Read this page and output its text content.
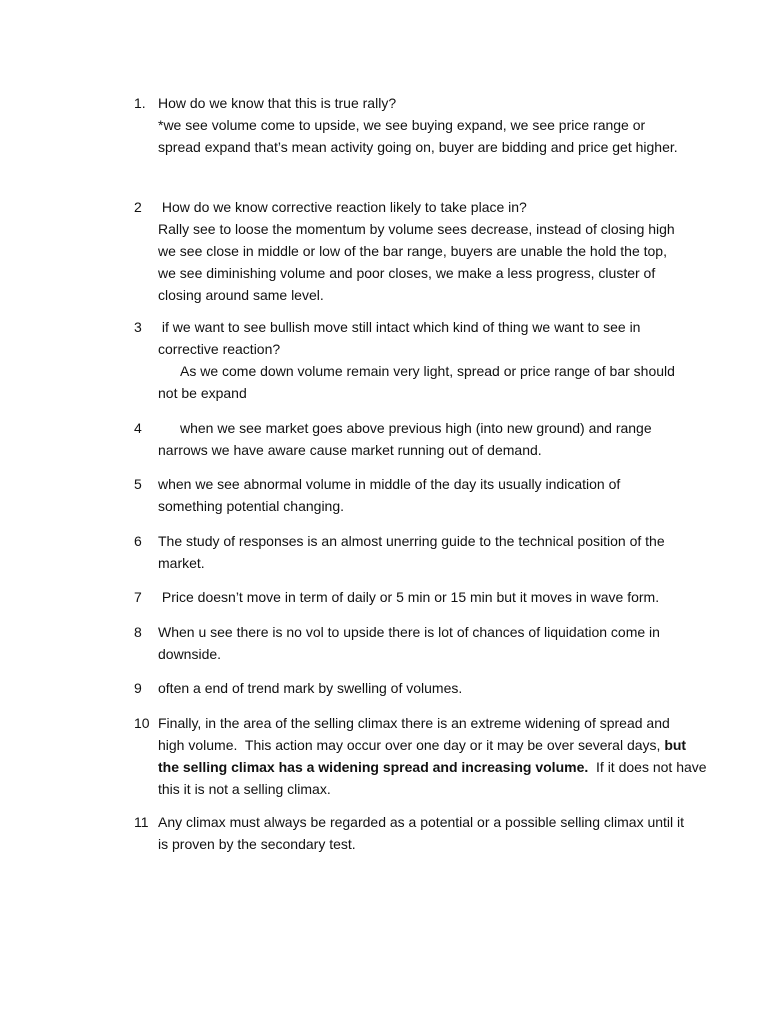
1. How do we know that this is true rally?
*we see volume come to upside, we see buying expand, we see price range or
spread expand that’s mean activity going on, buyer are bidding and price get higher.
2	How do we know corrective reaction likely to take place in?
Rally see to loose the momentum by volume sees decrease, instead of closing high
we see close in middle or low of the bar range, buyers are unable the hold the top,
we see diminishing volume and poor closes, we make a less progress, cluster of
closing around same level.
3	if we want to see bullish move still intact which kind of thing we want to see in
corrective reaction?
As we come down volume remain very light, spread or price range of bar should
not be expand
4	when we see market goes above previous high (into new ground) and range
narrows we have aware cause market running out of demand.
5	when we see abnormal volume in middle of the day its usually indication of
something potential changing.
6	The study of responses is an almost unerring guide to the technical position of the
market.
7	Price doesn’t move in term of daily or 5 min or 15 min but it moves in wave form.
8	When u see there is no vol to upside there is lot of chances of liquidation come in
downside.
9	often a end of trend mark by swelling of volumes.
10 Finally, in the area of the selling climax there is an extreme widening of spread and
high volume.  This action may occur over one day or it may be over several days, but
the selling climax has a widening spread and increasing volume.  If it does not have
this it is not a selling climax.
11 Any climax must always be regarded as a potential or a possible selling climax until it
is proven by the secondary test.
